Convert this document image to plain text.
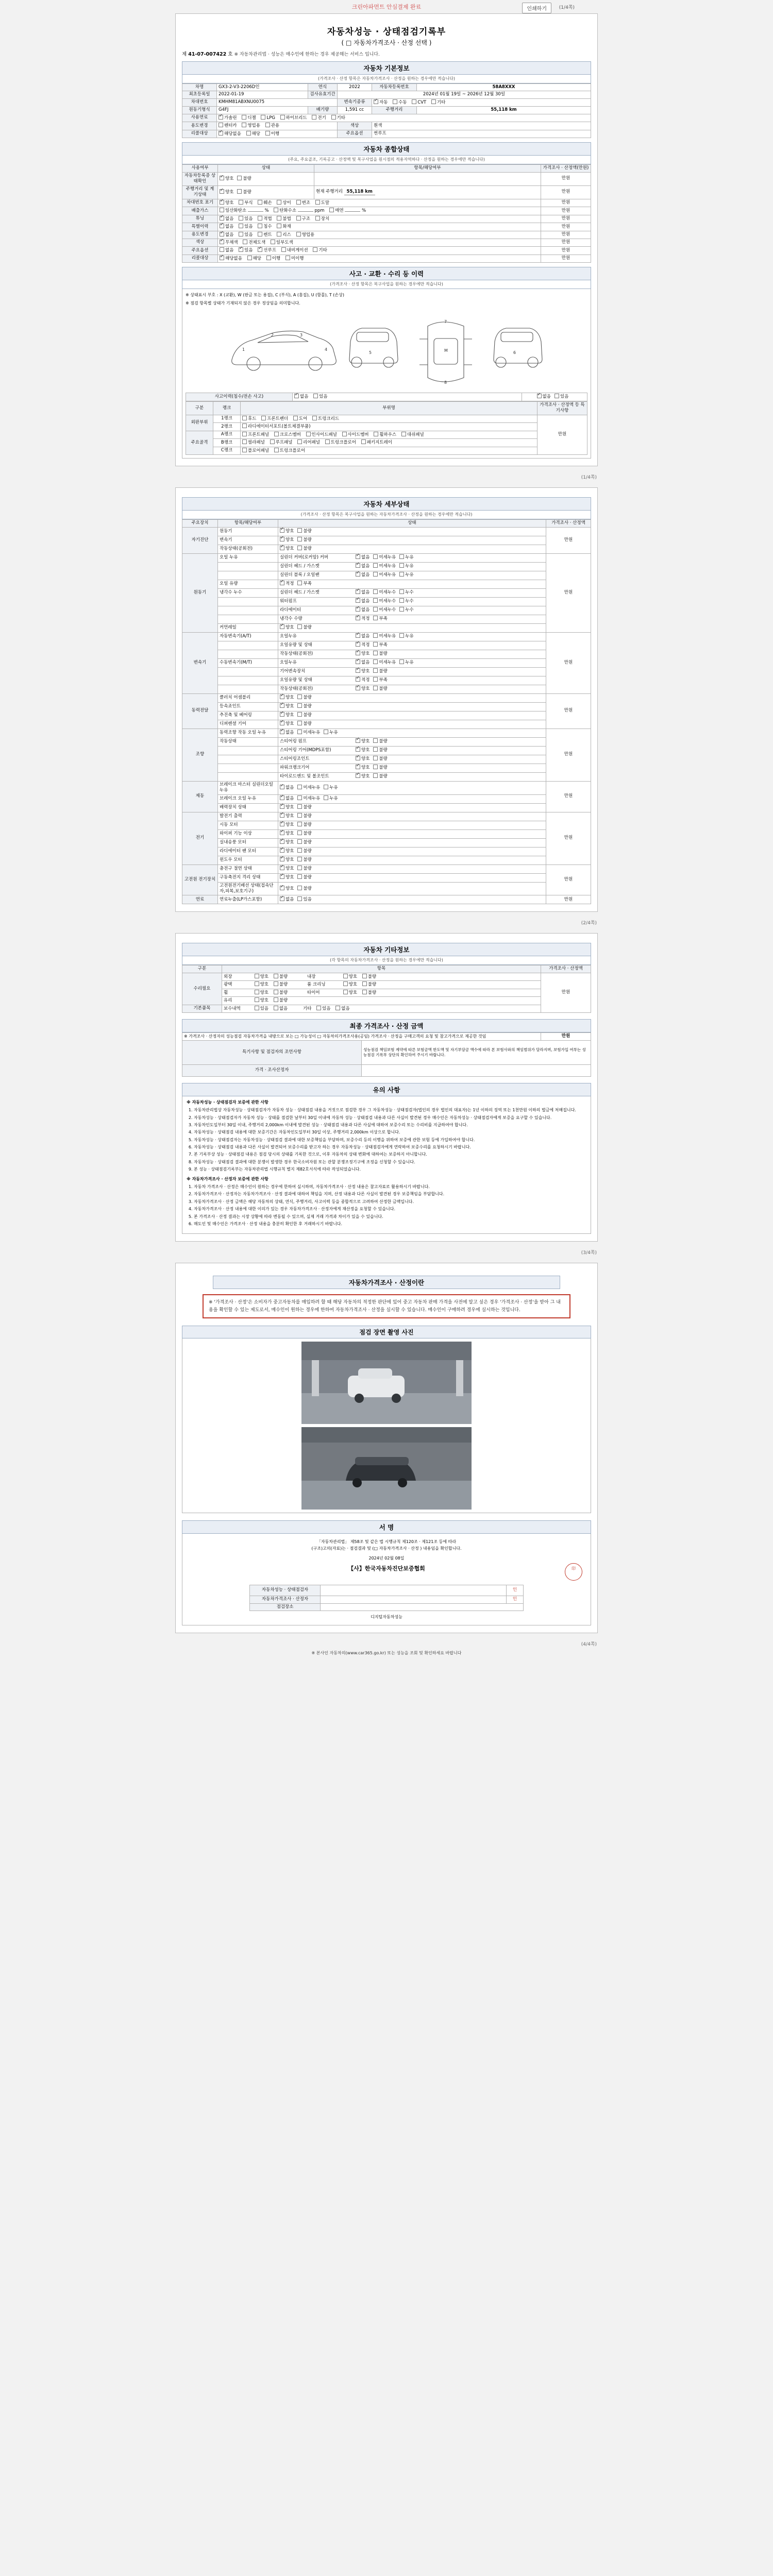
크린아파먼트 안심결제 완료	인쇄하기	(1/4쪽)
자동차성능 · 상태점검기록부
( □ 자동차가격조사 · 산정 선택 )
제 41-07-007422 호 ※ 자동차관리법 · 성능은 매수인에 한하는 경우 제공해는 서비스 입니다.
자동차 기본정보
(가격조사 · 산정 항목은 자동차가격조사 · 산정을 원하는 경우에만 적습니다)
차명	GX3-2-V3-2206D인	연식	2022	자동차등록번호	58A8XXX
최초등록일	2022-01-19	검사유효기간	2024년 01월 19일 ~ 2026년 12월 30일		
차대번호	KMHM81ABXNU0075		변속기종류	✓자동 수동 CVT 기타
원동기형식	G4FJ	배기량	1,591 cc	주행거리	55,118 km
사용연료	✓가솔린 디젤 LPG 하이브리드 전기 기타
용도변경	렌터카 영업용 관용		색상	흰색	
리콜대상	✓해당없음 해당 이행		주요옵션	썬루프	
자동차 종합상태
(주요, 주요골조, 기록공고 · 산정액 및 복구사업을 원시점의 적용자역하다 · 산정을 원하는 경우에만 적습니다)
사용여부	상태	항목/해당여부	가격조사 · 산정액(만원)
자동차등록증 상태확인	✓양호 불량		만원
주행거리 및 계기상태	✓양호 불량	현재 주행거리 55,118 km	만원
차대번호 표기	✓양호 부식 훼손 상이 변조 도말		만원
배출가스	일산화탄소 % 탄화수소 ppm 매연 %		만원
튜닝	✓없음 있음 적법 불법 구조 장치		만원
특별이력	✓없음 있음 침수 화재		만원
용도변경	✓없음 있음 렌트 리스 영업용		만원
색상	✓무채색 전체도색 일부도색		만원
주요옵션	없음 ✓ 있음 ✓ 선루프 내비게이션 기타		만원
리콜대상	✓해당없음 해당 이행 미이행		만원
사고 · 교환 · 수리 등 이력
(가격조사 · 산정 항목은 복구사업을 원하는 경우에만 적습니다)
※ 상태표시 부호 : X (교환), W (판금 또는 용접), C (부식), A (흠집), U (함몰), T (손상)
※ 점검 항목별 상태가 기재되지 않은 경우 정상임을 의미합니다.
1
2	3
4
5	M	6
7
8
사고이력(침수/전손 사고)	✓없음 있음	✓없음 있음
구분	랭크	부위명	가격조사 · 산정액 등 특기사항
외판부위	1랭크	후드 프론트펜더 도어 트렁크리드	만원
	2랭크	라디에이터서포트(볼트체결부품)	
주요골격	A랭크	프론트패널 크로스멤버 인사이드패널 사이드멤버 휠하우스 대쉬패널	
	B랭크	필라패널 루프패널 리어패널 트렁크플로어 패키지트레이	
	C랭크	플로어패널 트렁크플로어	
(1/4쪽)
자동차 세부상태
(가격조사 · 산정 항목은 복구사업을 원하는 자동차가격조사 · 산정을 원하는 경우에만 적습니다)
주요장치	항목/해당여부	상태	가격조사 · 산정액
자기진단	원동기	✓양호 불량	만원
	변속기	✓양호 불량
	작동상태(공회전)	✓양호 불량
원동기	오일 누유	실린더 커버(로커암) 커버 ✓ 없음 미세누유 누유	만원
		실린더 헤드 / 가스켓 ✓ 없음 미세누유 누유
		실린더 블록 / 오일팬 ✓ 없음 미세누유 누유
	오일 유량	✓적정 부족
	냉각수 누수	실린더 헤드 / 가스켓 ✓ 없음 미세누수 누수
		워터펌프 ✓ 없음 미세누수 누수
		라디에이터 ✓ 없음 미세누수 누수
		냉각수 수량 ✓ 적정 부족
	커먼레일	✓양호 불량
변속기	자동변속기(A/T)	오일누유 ✓ 없음 미세누유 누유	만원
		오일유량 및 상태 ✓ 적정 부족
		작동상태(공회전) ✓ 양호 불량
	수동변속기(M/T)	오일누유 ✓ 없음 미세누유 누유
		기어변속장치 ✓ 양호 불량
		오일유량 및 상태 ✓ 적정 부족
		작동상태(공회전) ✓ 양호 불량
동력전달	클러치 어셈블리	✓양호 불량	만원
	등속죠인트	✓양호 불량
	추진축 및 베어링	✓양호 불량
	디퍼렌셜 기어	✓양호 불량
조향	동력조향 작동 오일 누유	✓없음 미세누유 누유	만원
	작동상태	스티어링 펌프 ✓ 양호 불량
		스티어링 기어(MDPS포함) ✓ 양호 불량
		스티어링조인트 ✓ 양호 불량
		파워크랭크기어 ✓ 양호 불량
		타이로드엔드 및 볼조인트 ✓ 양호 불량
제동	브레이크 마스터 실린더오일 누유	✓없음 미세누유 누유	만원
	브레이크 오일 누유	✓없음 미세누유 누유
	배력장치 상태	✓양호 불량
전기	발전기 출력	✓양호 불량	만원
	시동 모터	✓양호 불량
	와이퍼 기능 이상	✓양호 불량
	실내송풍 모터	✓양호 불량
	라디에이터 팬 모터	✓양호 불량
	윈도우 모터	✓양호 불량
고전원 전기장치	충전구 절연 상태	✓양호 불량	만원
	구동축전지 격리 상태	✓양호 불량
	고전원전기배선 상태(접속단자,피복,보호기구)	✓양호 불량
연료	연료누출(LP가스포함)	✓없음 있음	만원
(2/4쪽)
자동차 기타정보
(각 항목의 자동차가격조사 · 산정을 원하는 경우에만 적습니다)
구분	항목	가격조사 · 산정액
수리필요	외장 양호 불량 내장 양호 불량	만원
	광택 양호 불량 룸 크리닝 양호 불량	
	휠 양호 불량 타이어 양호 불량	
	유리 양호 불량	
기본품목	보수내역 있음 없음 기타 있음 없음	
최종 가격조사 · 산정 금액
※ 가격조사 · 산정자의 성능점검 자동차가격을 내방으로 보는 □ 가능성이 □ 자동차의가격조사용(공임) 가격조사 · 산정을 구매고객의 요청 및 참고가격으로 제공한 것임		만원
특기사항 및 점검자의 조언사항	성능점검 책임보험 계약에 따른 보험금액 한도액 및 자기부담금 액수에 따라 본 보험사와의 책임범위가 달라지며, 보험가입 여부는 성능점검 기록부 상단의 확인하여 주시기 바랍니다.	
가격 · 조사산정자		
유의 사항
※ 자동차성능 · 상태점검자 보증에 관한 사항
1. 자동차관리법상 자동차성능 · 상태점검자가 자동차 성능 · 상태점검 내용을 거짓으로 점검한 경우 그 자동차성능 · 상태점검자(법인의 경우 법인의 대표자)는 1년 이하의 징역 또는 1천만원 이하의 벌금에 처해집니다.
2. 자동차성능 · 상태점검자가 자동차 성능 · 상태를 점검한 날부터 30일 이내에 자동차 성능 · 상태점검 내용과 다른 사실이 발견된 경우 매수인은 자동차성능 · 상태점검자에게 보증을 요구할 수 있습니다.
3. 자동차인도일부터 30일 이내, 주행거리 2,000km 이내에 발견된 성능 · 상태점검 내용과 다른 사실에 대하여 보증수리 또는 수리비를 지급하여야 합니다.
4. 자동차성능 · 상태점검 내용에 대한 보증기간은 자동차인도일부터 30일 이상, 주행거리 2,000km 이상으로 합니다.
5. 자동차성능 · 상태점검자는 자동차성능 · 상태점검 결과에 대한 보증책임을 부담하며, 보증수리 등의 이행을 위하여 보증에 관한 보험 등에 가입하여야 합니다.
6. 자동차성능 · 상태점검 내용과 다른 사실이 발견되어 보증수리를 받고자 하는 경우 자동차성능 · 상태점검자에게 연락하여 보증수리를 요청하시기 바랍니다.
7. 본 기록부상 성능 · 상태점검 내용은 점검 당시의 상태를 기록한 것으로, 이후 자동차의 상태 변화에 대하여는 보증하지 아니합니다.
8. 자동차성능 · 상태점검 결과에 대한 분쟁이 발생한 경우 한국소비자원 또는 관할 분쟁조정기구에 조정을 신청할 수 있습니다.
9. 본 성능 · 상태점검기록부는 자동차관리법 시행규칙 별지 제82호서식에 따라 작성되었습니다.
※ 자동차가격조사 · 산정자 보증에 관한 사항
1. 자동차 가격조사 · 산정은 매수인이 원하는 경우에 한하여 실시하며, 자동차가격조사 · 산정 내용은 참고자료로 활용하시기 바랍니다.
2. 자동차가격조사 · 산정자는 자동차가격조사 · 산정 결과에 대하여 책임을 지며, 산정 내용과 다른 사실이 발견된 경우 보증책임을 부담합니다.
3. 자동차가격조사 · 산정 금액은 해당 자동차의 상태, 연식, 주행거리, 사고이력 등을 종합적으로 고려하여 산정한 금액입니다.
4. 자동차가격조사 · 산정 내용에 대한 이의가 있는 경우 자동차가격조사 · 산정자에게 재산정을 요청할 수 있습니다.
5. 본 가격조사 · 산정 결과는 시장 상황에 따라 변동될 수 있으며, 실제 거래 가격과 차이가 있을 수 있습니다.
6. 매도인 및 매수인은 가격조사 · 산정 내용을 충분히 확인한 후 거래하시기 바랍니다.
(3/4쪽)
자동차가격조사 · 산정이란
※ '가격조사 · 산정'은 소비자가 중고자동차를 매입하려 할 때 해당 자동차의 적정한 판단에 있어 중고 자동차 판매 가격을 사전에 알고 싶은 경우 '가격조사 · 산정'을 받아 그 내용을 확인할 수 있는 제도로서, 매수인이 원하는 경우에 한하여 자동차가격조사 · 산정을 실시할 수 있습니다. 매수인이 구매하려 경우에 실시하는 것입니다.
점검 장면 촬영 사진
서 명
「자동차관리법」 제58조 및 같은 법 시행규칙 제120조 · 제121조 등에 따라
(구조)고의(자료)는 · 점검결과 및 (□ 자동차가격조사 · 산정 ) 내용임을 확인합니다.
2024년 02월 08일
【사】한국자동차진단보증협회	印
자동차성능 · 상태점검자		인
자동차가격조사 · 산정자		인
점검장소		
디지털자동차성능
(4/4쪽)
※ 본사인 자동차의(www.car365.go.kr) 또는 성능을 조회 및 확인하세요 바랍니다
